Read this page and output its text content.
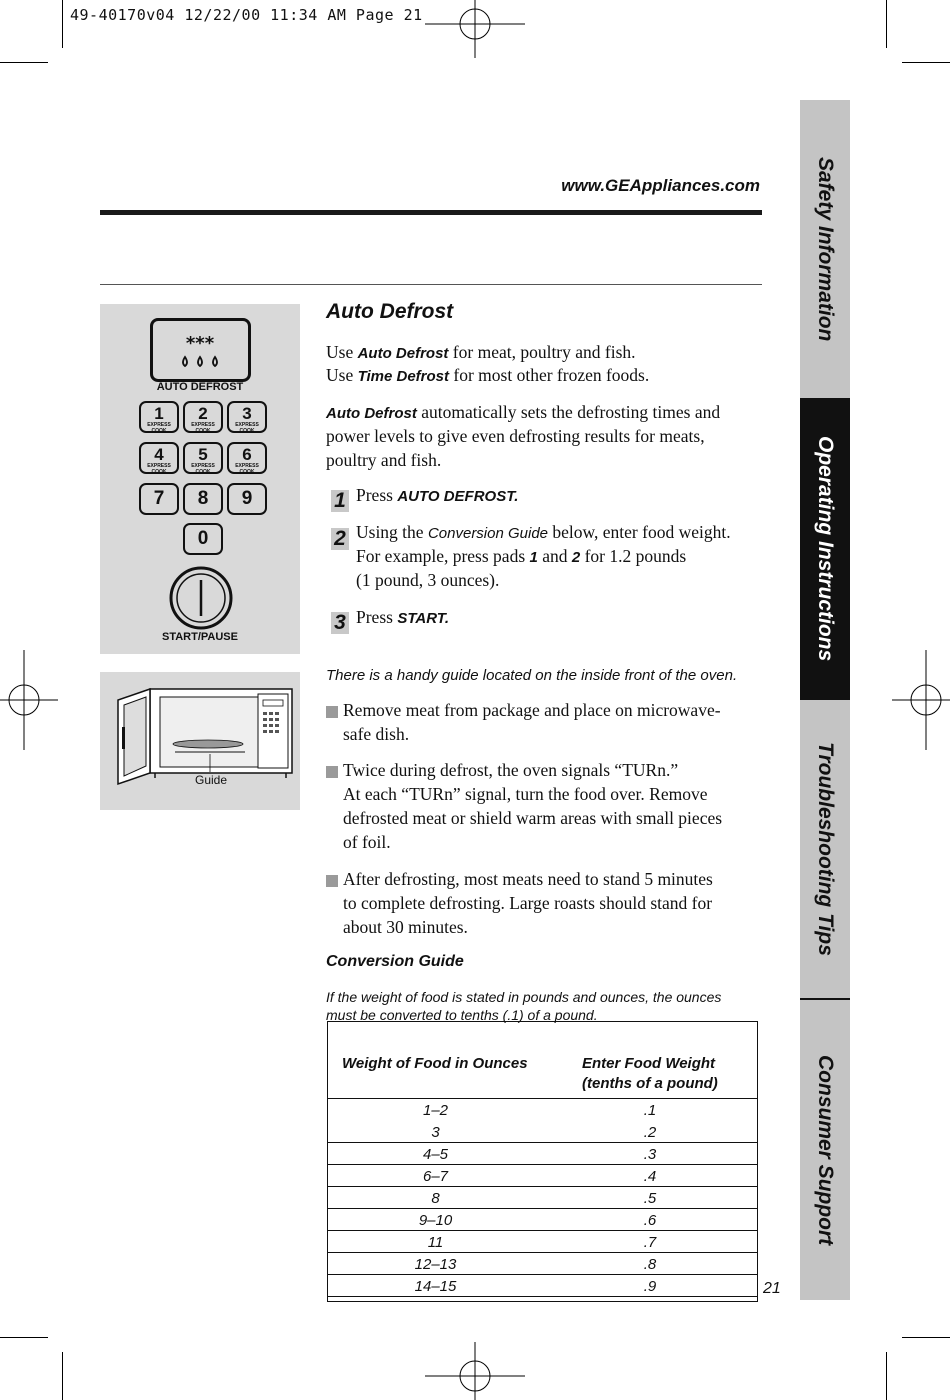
49-40170v04 12/22/00 11:34 AM Page 21
www.GEAppliances.com	Safety Information
Operating Instructions
Troubleshooting Tips
Consumer Support
***
AUTO DEFROST
1
EXPRESS COOK
2
EXPRESS COOK
3
EXPRESS COOK
4
EXPRESS COOK
5
EXPRESS COOK
6
EXPRESS COOK
7	8	9
0
START/PAUSE
Guide
Auto Defrost
Use Auto Defrost for meat, poultry and fish.
Use Time Defrost for most other frozen foods.
Auto Defrost automatically sets the defrosting times and
power levels to give even defrosting results for meats,
poultry and fish.
1 Press AUTO DEFROST.
2 Using the Conversion Guide below, enter food weight.
For example, press pads 1 and 2 for 1.2 pounds
(1 pound, 3 ounces).
3 Press START.
There is a handy guide located on the inside front of the oven.
Remove meat from package and place on microwave-
safe dish.
Twice during defrost, the oven signals “TURn.”
At each “TURn” signal, turn the food over. Remove
defrosted meat or shield warm areas with small pieces
of foil.
After defrosting, most meats need to stand 5 minutes
to complete defrosting. Large roasts should stand for
about 30 minutes.
Conversion Guide
If the weight of food is stated in pounds and ounces, the ounces
must be converted to tenths (.1) of a pound.
Weight of Food in Ounces	Enter Food Weight
(tenths of a pound)
1–2	.1
3	.2
4–5	.3
6–7	.4
8	.5
9–10	.6
11	.7
12–13	.8
14–15	.9	21
